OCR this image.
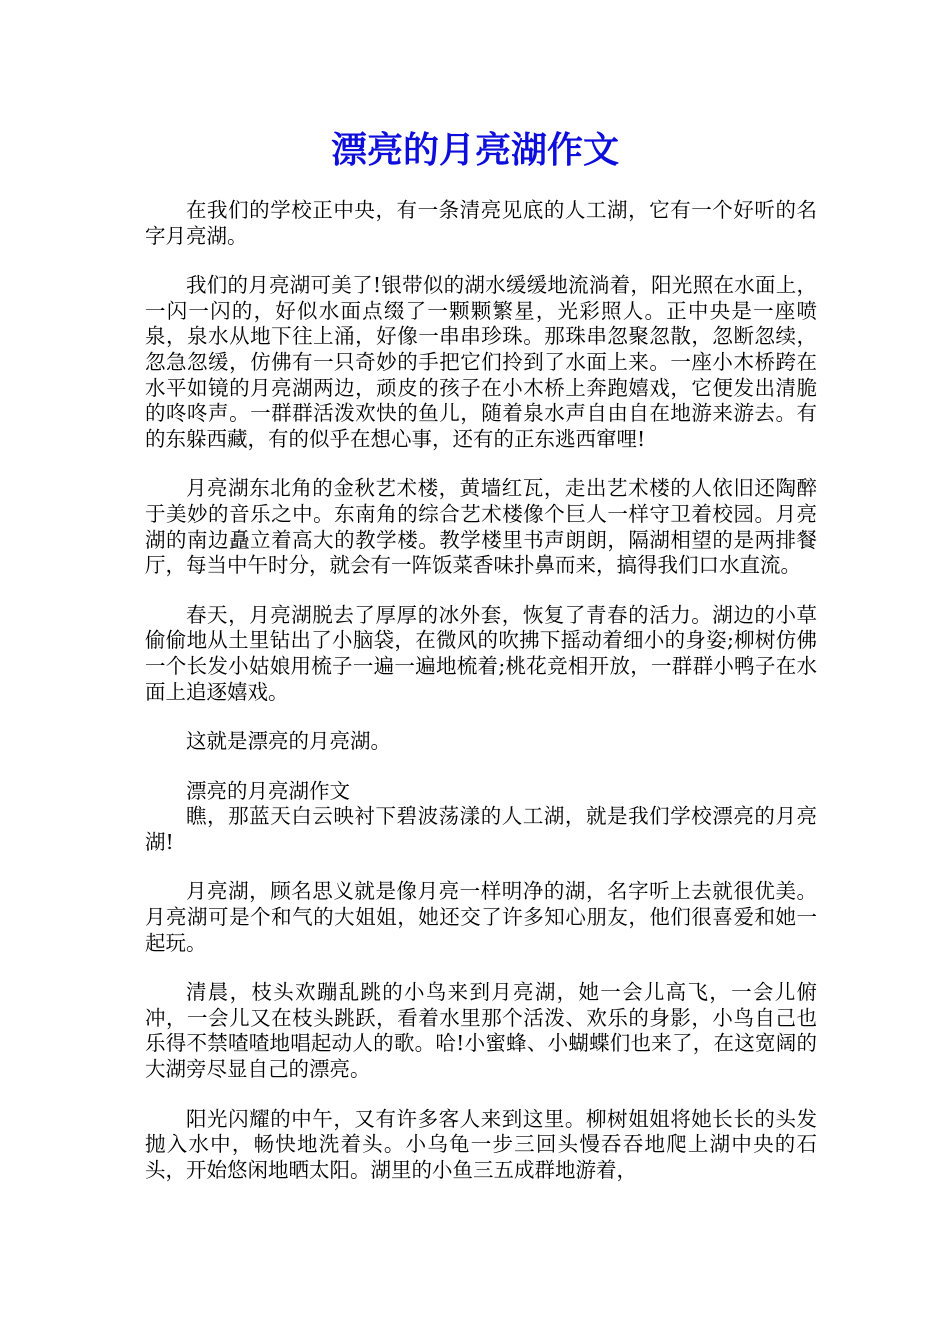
漂亮的月亮湖作文

在我们的学校正中央，有一条清亮见底的人工湖，它有一个好听的名字月亮湖。

我们的月亮湖可美了!银带似的湖水缓缓地流淌着，阳光照在水面上，一闪一闪的，好似水面点缀了一颗颗繁星，光彩照人。正中央是一座喷泉，泉水从地下往上涌，好像一串串珍珠。那珠串忽聚忽散，忽断忽续，忽急忽缓，仿佛有一只奇妙的手把它们拎到了水面上来。一座小木桥跨在水平如镜的月亮湖两边，顽皮的孩子在小木桥上奔跑嬉戏，它便发出清脆的咚咚声。一群群活泼欢快的鱼儿，随着泉水声自由自在地游来游去。有的东躲西藏，有的似乎在想心事，还有的正东逃西窜哩!

月亮湖东北角的金秋艺术楼，黄墙红瓦，走出艺术楼的人依旧还陶醉于美妙的音乐之中。东南角的综合艺术楼像个巨人一样守卫着校园。月亮湖的南边矗立着高大的教学楼。教学楼里书声朗朗，隔湖相望的是两排餐厅，每当中午时分，就会有一阵饭菜香味扑鼻而来，搞得我们口水直流。

春天，月亮湖脱去了厚厚的冰外套，恢复了青春的活力。湖边的小草偷偷地从土里钻出了小脑袋，在微风的吹拂下摇动着细小的身姿;柳树仿佛一个长发小姑娘用梳子一遍一遍地梳着;桃花竞相开放，一群群小鸭子在水面上追逐嬉戏。

这就是漂亮的月亮湖。

漂亮的月亮湖作文

瞧，那蓝天白云映衬下碧波荡漾的人工湖，就是我们学校漂亮的月亮湖!

月亮湖，顾名思义就是像月亮一样明净的湖，名字听上去就很优美。月亮湖可是个和气的大姐姐，她还交了许多知心朋友，他们很喜爱和她一起玩。

清晨，枝头欢蹦乱跳的小鸟来到月亮湖，她一会儿高飞，一会儿俯冲，一会儿又在枝头跳跃，看着水里那个活泼、欢乐的身影，小鸟自己也乐得不禁喳喳地唱起动人的歌。哈!小蜜蜂、小蝴蝶们也来了，在这宽阔的大湖旁尽显自己的漂亮。

阳光闪耀的中午，又有许多客人来到这里。柳树姐姐将她长长的头发抛入水中，畅快地洗着头。小乌龟一步三回头慢吞吞地爬上湖中央的石头，开始悠闲地晒太阳。湖里的小鱼三五成群地游着，
